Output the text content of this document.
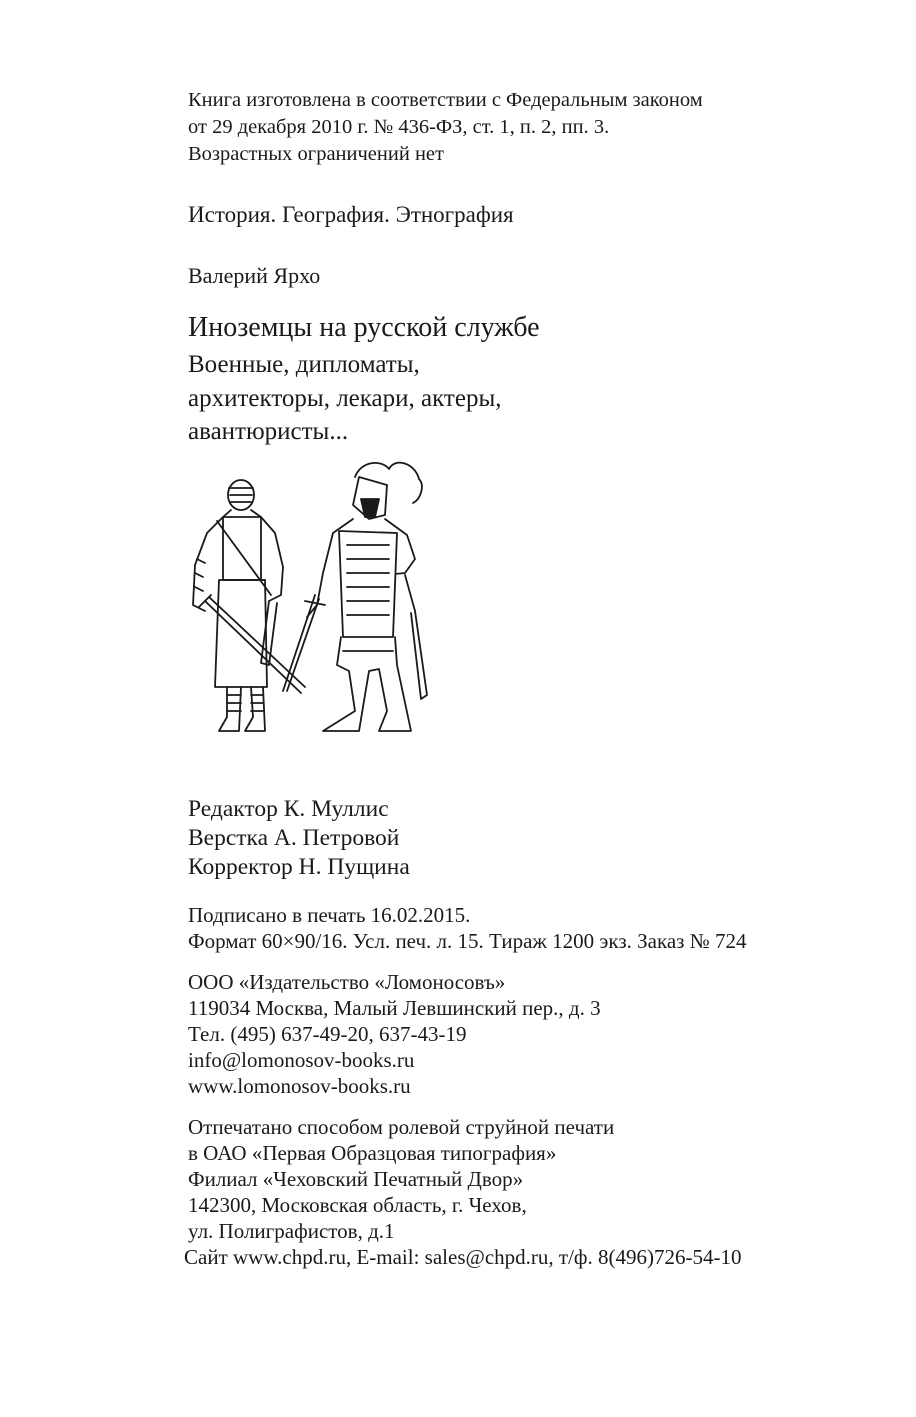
Книга изготовлена в соответствии с Федеральным законом
от 29 декабря 2010 г. № 436-ФЗ, ст. 1, п. 2, пп. 3.
Возрастных ограничений нет
История. География. Этнография
Валерий Ярхо
Иноземцы на русской службе
Военные, дипломаты,
архитекторы, лекари, актеры,
авантюристы...
Редактор К. Муллис
Верстка А. Петровой
Корректор Н. Пущина
Подписано в печать 16.02.2015.
Формат 60×90/16. Усл. печ. л. 15. Тираж 1200 экз. Заказ № 724
ООО «Издательство «Ломоносовъ»
119034 Москва, Малый Левшинский пер., д. 3
Тел. (495) 637-49-20, 637-43-19
info@lomonosov-books.ru
www.lomonosov-books.ru
Отпечатано способом ролевой струйной печати
в ОАО «Первая Образцовая типография»
Филиал «Чеховский Печатный Двор»
142300, Московская область, г. Чехов,
ул. Полиграфистов, д.1
Сайт www.chpd.ru, E-mail: sales@chpd.ru, т/ф. 8(496)726-54-10
